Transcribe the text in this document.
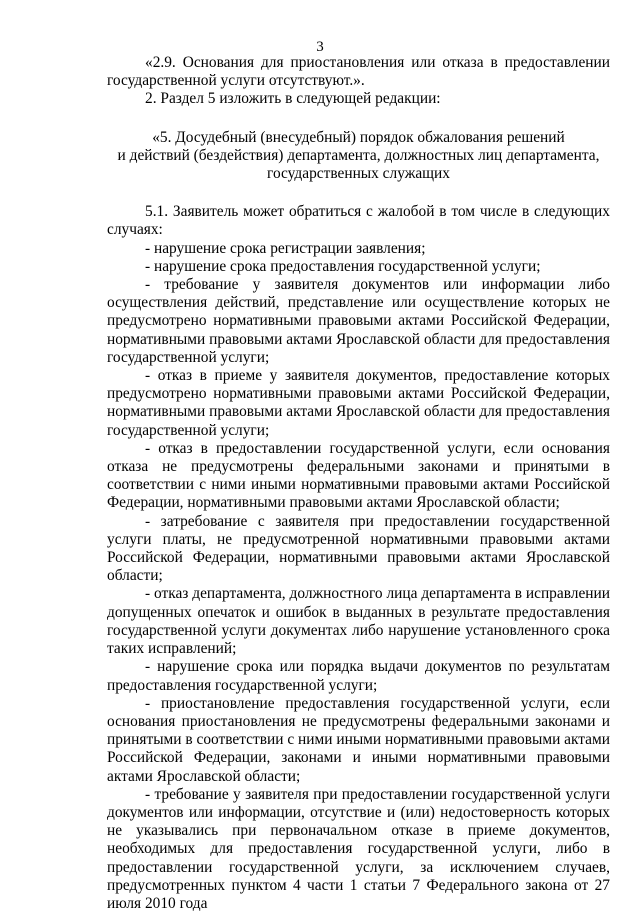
3

«2.9. Основания для приостановления или отказа в предоставлении государственной услуги отсутствуют.».

2. Раздел 5 изложить в следующей редакции:

«5. Досудебный (внесудебный) порядок обжалования решений

и действий (бездействия) департамента, должностных лиц департамента,

государственных служащих

5.1. Заявитель может обратиться с жалобой в том числе в следующих случаях:

- нарушение срока регистрации заявления;

- нарушение срока предоставления государственной услуги;

- требование у заявителя документов или информации либо осуществления действий, представление или осуществление которых не предусмотрено нормативными правовыми актами Российской Федерации, нормативными правовыми актами Ярославской области для предоставления государственной услуги;

- отказ в приеме у заявителя документов, предоставление которых предусмотрено нормативными правовыми актами Российской Федерации, нормативными правовыми актами Ярославской области для предоставления государственной услуги;

- отказ в предоставлении государственной услуги, если основания отказа не предусмотрены федеральными законами и принятыми в соответствии с ними иными нормативными правовыми актами Российской Федерации, нормативными правовыми актами Ярославской области;

- затребование с заявителя при предоставлении государственной услуги платы, не предусмотренной нормативными правовыми актами Российской Федерации, нормативными правовыми актами Ярославской области;

- отказ департамента, должностного лица департамента в исправлении допущенных опечаток и ошибок в выданных в результате предоставления государственной услуги документах либо нарушение установленного срока таких исправлений;

- нарушение срока или порядка выдачи документов по результатам предоставления государственной услуги;

- приостановление предоставления государственной услуги, если основания приостановления не предусмотрены федеральными законами и принятыми в соответствии с ними иными нормативными правовыми актами Российской Федерации, законами и иными нормативными правовыми актами Ярославской области;

- требование у заявителя при предоставлении государственной услуги документов или информации, отсутствие и (или) недостоверность которых не указывались при первоначальном отказе в приеме документов, необходимых для предоставления государственной услуги, либо в предоставлении государственной услуги, за исключением случаев, предусмотренных пунктом 4 части 1 статьи 7 Федерального закона от 27 июля 2010 года
